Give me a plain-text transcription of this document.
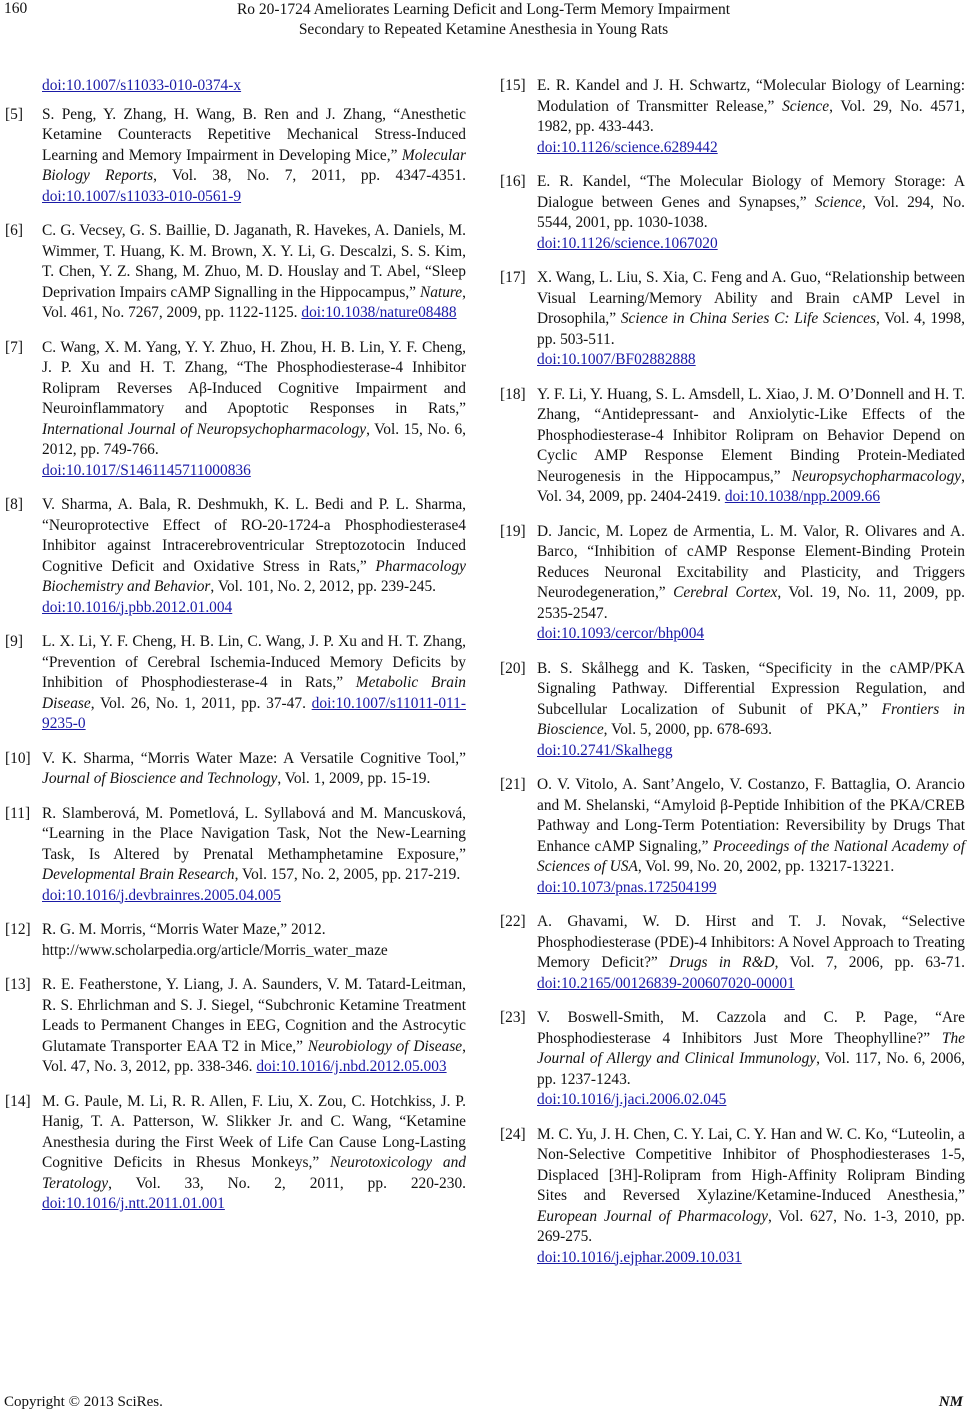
160	Ro 20-1724 Ameliorates Learning Deficit and Long-Term Memory Impairment
Secondary to Repeated Ketamine Anesthesia in Young Rats
doi:10.1007/s11033-010-0374-x
[5] S. Peng, Y. Zhang, H. Wang, B. Ren and J. Zhang, “Anesthetic Ketamine Counteracts Repetitive Mechanical Stress-Induced Learning and Memory Impairment in Developing Mice,” Molecular Biology Reports, Vol. 38, No. 7, 2011, pp. 4347-4351. doi:10.1007/s11033-010-0561-9
[6] C. G. Vecsey, G. S. Baillie, D. Jaganath, R. Havekes, A. Daniels, M. Wimmer, T. Huang, K. M. Brown, X. Y. Li, G. Descalzi, S. S. Kim, T. Chen, Y. Z. Shang, M. Zhuo, M. D. Houslay and T. Abel, “Sleep Deprivation Impairs cAMP Signalling in the Hippocampus,” Nature, Vol. 461, No. 7267, 2009, pp. 1122-1125. doi:10.1038/nature08488
[7] C. Wang, X. M. Yang, Y. Y. Zhuo, H. Zhou, H. B. Lin, Y. F. Cheng, J. P. Xu and H. T. Zhang, “The Phosphodiesterase-4 Inhibitor Rolipram Reverses Aβ-Induced Cognitive Impairment and Neuroinflammatory and Apoptotic Responses in Rats,” International Journal of Neuropsychopharmacology, Vol. 15, No. 6, 2012, pp. 749-766.
doi:10.1017/S1461145711000836
[8] V. Sharma, A. Bala, R. Deshmukh, K. L. Bedi and P. L. Sharma, “Neuroprotective Effect of RO-20-1724-a Phosphodiesterase4 Inhibitor against Intracerebroventricular Streptozotocin Induced Cognitive Deficit and Oxidative Stress in Rats,” Pharmacology Biochemistry and Behavior, Vol. 101, No. 2, 2012, pp. 239-245.
doi:10.1016/j.pbb.2012.01.004
[9] L. X. Li, Y. F. Cheng, H. B. Lin, C. Wang, J. P. Xu and H. T. Zhang, “Prevention of Cerebral Ischemia-Induced Memory Deficits by Inhibition of Phosphodiesterase-4 in Rats,” Metabolic Brain Disease, Vol. 26, No. 1, 2011, pp. 37-47. doi:10.1007/s11011-011-9235-0
[10] V. K. Sharma, “Morris Water Maze: A Versatile Cognitive Tool,” Journal of Bioscience and Technology, Vol. 1, 2009, pp. 15-19.
[11] R. Slamberová, M. Pometlová, L. Syllabová and M. Mancusková, “Learning in the Place Navigation Task, Not the New-Learning Task, Is Altered by Prenatal Methamphetamine Exposure,” Developmental Brain Research, Vol. 157, No. 2, 2005, pp. 217-219.
doi:10.1016/j.devbrainres.2005.04.005
[12] R. G. M. Morris, “Morris Water Maze,” 2012.
http://www.scholarpedia.org/article/Morris_water_maze
[13] R. E. Featherstone, Y. Liang, J. A. Saunders, V. M. Tatard-Leitman, R. S. Ehrlichman and S. J. Siegel, “Subchronic Ketamine Treatment Leads to Permanent Changes in EEG, Cognition and the Astrocytic Glutamate Transporter EAA T2 in Mice,” Neurobiology of Disease, Vol. 47, No. 3, 2012, pp. 338-346. doi:10.1016/j.nbd.2012.05.003
[14] M. G. Paule, M. Li, R. R. Allen, F. Liu, X. Zou, C. Hotchkiss, J. P. Hanig, T. A. Patterson, W. Slikker Jr. and C. Wang, “Ketamine Anesthesia during the First Week of Life Can Cause Long-Lasting Cognitive Deficits in Rhesus Monkeys,” Neurotoxicology and Teratology, Vol. 33, No. 2, 2011, pp. 220-230. doi:10.1016/j.ntt.2011.01.001
[15] E. R. Kandel and J. H. Schwartz, “Molecular Biology of Learning: Modulation of Transmitter Release,” Science, Vol. 29, No. 4571, 1982, pp. 433-443.
doi:10.1126/science.6289442
[16] E. R. Kandel, “The Molecular Biology of Memory Storage: A Dialogue between Genes and Synapses,” Science, Vol. 294, No. 5544, 2001, pp. 1030-1038.
doi:10.1126/science.1067020
[17] X. Wang, L. Liu, S. Xia, C. Feng and A. Guo, “Relationship between Visual Learning/Memory Ability and Brain cAMP Level in Drosophila,” Science in China Series C: Life Sciences, Vol. 4, 1998, pp. 503-511.
doi:10.1007/BF02882888
[18] Y. F. Li, Y. Huang, S. L. Amsdell, L. Xiao, J. M. O’Donnell and H. T. Zhang, “Antidepressant- and Anxiolytic-Like Effects of the Phosphodiesterase-4 Inhibitor Rolipram on Behavior Depend on Cyclic AMP Response Element Binding Protein-Mediated Neurogenesis in the Hippocampus,” Neuropsychopharmacology, Vol. 34, 2009, pp. 2404-2419. doi:10.1038/npp.2009.66
[19] D. Jancic, M. Lopez de Armentia, L. M. Valor, R. Olivares and A. Barco, “Inhibition of cAMP Response Element-Binding Protein Reduces Neuronal Excitability and Plasticity, and Triggers Neurodegeneration,” Cerebral Cortex, Vol. 19, No. 11, 2009, pp. 2535-2547.
doi:10.1093/cercor/bhp004
[20] B. S. Skålhegg and K. Tasken, “Specificity in the cAMP/PKA Signaling Pathway. Differential Expression Regulation, and Subcellular Localization of Subunit of PKA,” Frontiers in Bioscience, Vol. 5, 2000, pp. 678-693.
doi:10.2741/Skalhegg
[21] O. V. Vitolo, A. Sant’Angelo, V. Costanzo, F. Battaglia, O. Arancio and M. Shelanski, “Amyloid β-Peptide Inhibition of the PKA/CREB Pathway and Long-Term Potentiation: Reversibility by Drugs That Enhance cAMP Signaling,” Proceedings of the National Academy of Sciences of USA, Vol. 99, No. 20, 2002, pp. 13217-13221.
doi:10.1073/pnas.172504199
[22] A. Ghavami, W. D. Hirst and T. J. Novak, “Selective Phosphodiesterase (PDE)-4 Inhibitors: A Novel Approach to Treating Memory Deficit?” Drugs in R&D, Vol. 7, 2006, pp. 63-71. doi:10.2165/00126839-200607020-00001
[23] V. Boswell-Smith, M. Cazzola and C. P. Page, “Are Phosphodiesterase 4 Inhibitors Just More Theophylline?” The Journal of Allergy and Clinical Immunology, Vol. 117, No. 6, 2006, pp. 1237-1243.
doi:10.1016/j.jaci.2006.02.045
[24] M. C. Yu, J. H. Chen, C. Y. Lai, C. Y. Han and W. C. Ko, “Luteolin, a Non-Selective Competitive Inhibitor of Phosphodiesterases 1-5, Displaced [3H]-Rolipram from High-Affinity Rolipram Binding Sites and Reversed Xylazine/Ketamine-Induced Anesthesia,” European Journal of Pharmacology, Vol. 627, No. 1-3, 2010, pp. 269-275.
doi:10.1016/j.ejphar.2009.10.031
Copyright © 2013 SciRes.	NM
